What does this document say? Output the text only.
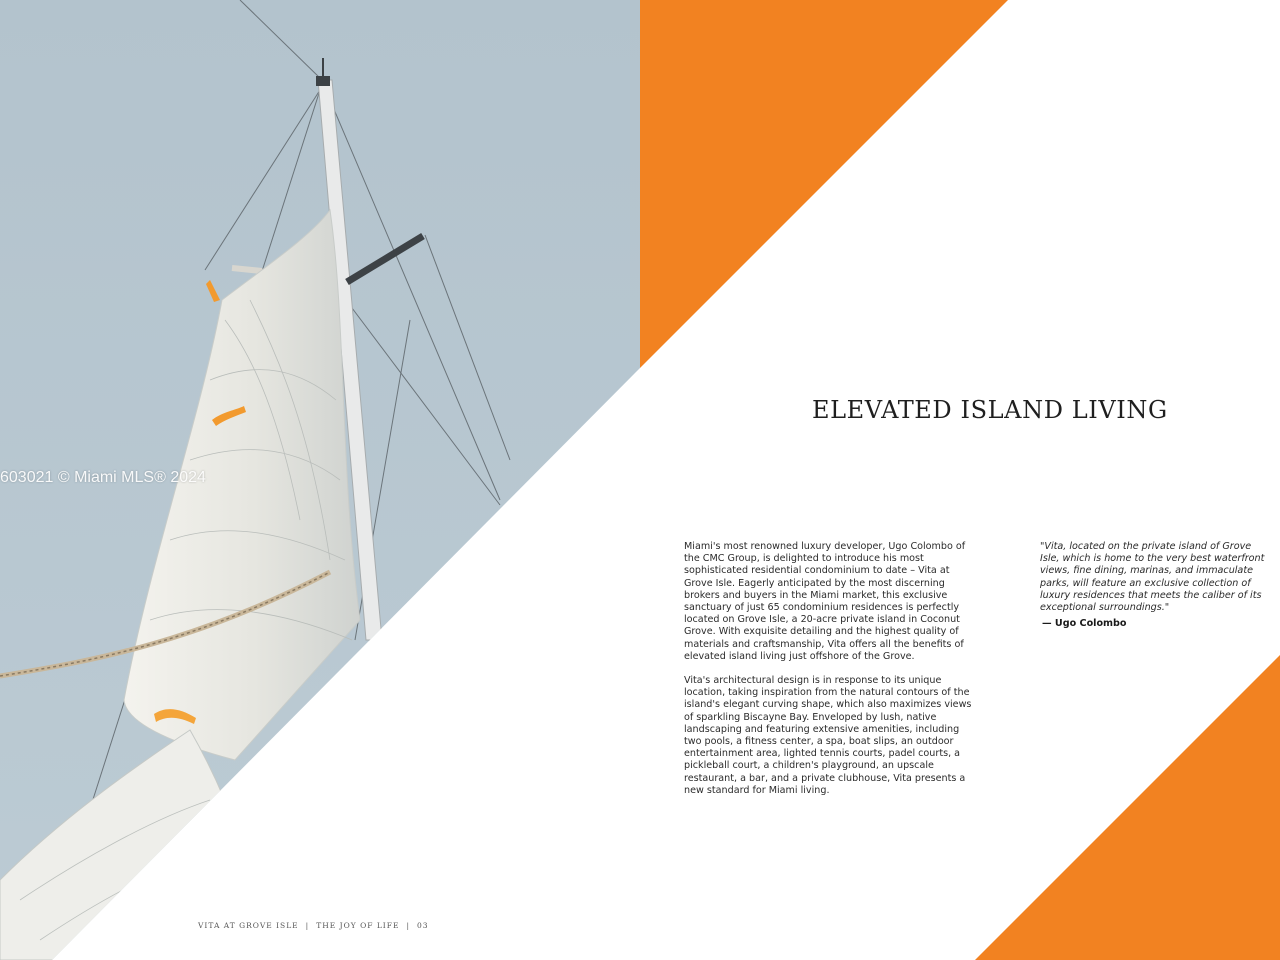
603021 © Miami MLS® 2024
ELEVATED ISLAND LIVING

Miami's most renowned luxury developer, Ugo Colombo of the CMC Group, is delighted to introduce his most sophisticated residential condominium to date – Vita at Grove Isle. Eagerly anticipated by the most discerning brokers and buyers in the Miami market, this exclusive sanctuary of just 65 condominium residences is perfectly located on Grove Isle, a 20-acre private island in Coconut Grove. With exquisite detailing and the highest quality of materials and craftsmanship, Vita offers all the benefits of elevated island living just offshore of the Grove.

Vita's architectural design is in response to its unique location, taking inspiration from the natural contours of the island's elegant curving shape, which also maximizes views of sparkling Biscayne Bay. Enveloped by lush, native landscaping and featuring extensive amenities, including two pools, a fitness center, a spa, boat slips, an outdoor entertainment area, lighted tennis courts, padel courts, a pickleball court, a children's playground, an upscale restaurant, a bar, and a private clubhouse, Vita presents a new standard for Miami living.

"Vita, located on the private island of Grove Isle, which is home to the very best waterfront views, fine dining, marinas, and immaculate parks, will feature an exclusive collection of luxury residences that meets the caliber of its exceptional surroundings."

— Ugo Colombo

VITA AT GROVE ISLE | THE JOY OF LIFE | 03
